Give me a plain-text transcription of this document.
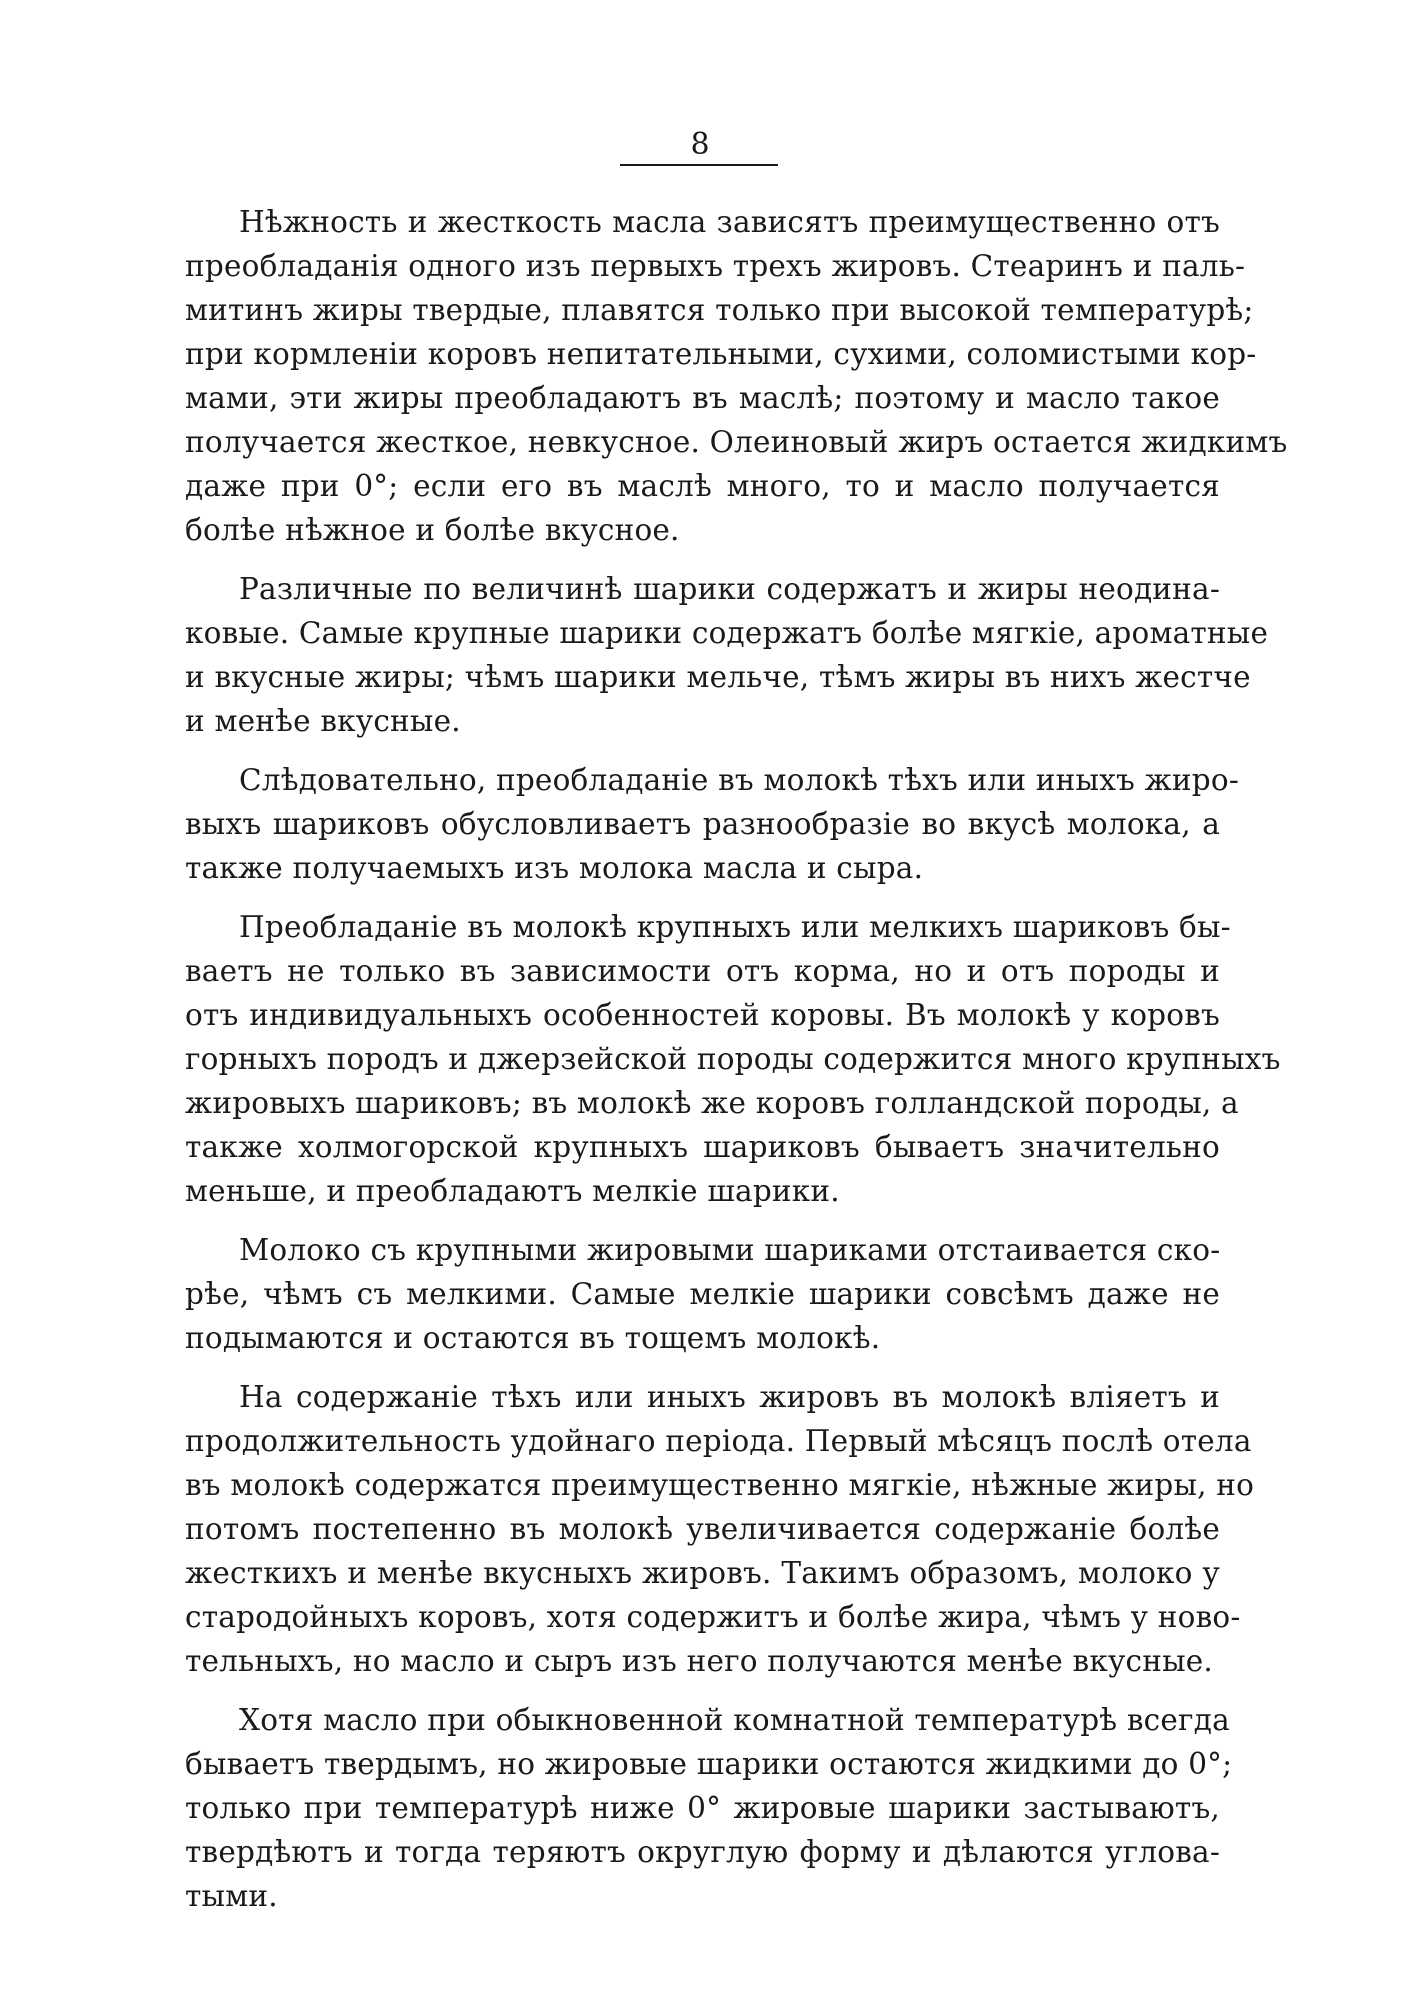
8
Нѣжность и жесткость масла зависятъ преимущественно отъ
преобладанія одного изъ первыхъ трехъ жировъ. Стеаринъ и паль-
митинъ жиры твердые, плавятся только при высокой температурѣ;
при кормленіи коровъ непитательными, сухими, соломистыми кор-
мами, эти жиры преобладаютъ въ маслѣ; поэтому и масло такое
получается жесткое, невкусное. Олеиновый жиръ остается жидкимъ
даже при 0°; если его въ маслѣ много, то и масло получается
болѣе нѣжное и болѣе вкусное.
Различные по величинѣ шарики содержатъ и жиры неодина-
ковые. Самые крупные шарики содержатъ болѣе мягкіе, ароматные
и вкусные жиры; чѣмъ шарики мельче, тѣмъ жиры въ нихъ жестче
и менѣе вкусные.
Слѣдовательно, преобладаніе въ молокѣ тѣхъ или иныхъ жиро-
выхъ шариковъ обусловливаетъ разнообразіе во вкусѣ молока, а
также получаемыхъ изъ молока масла и сыра.
Преобладаніе въ молокѣ крупныхъ или мелкихъ шариковъ бы-
ваетъ не только въ зависимости отъ корма, но и отъ породы и
отъ индивидуальныхъ особенностей коровы. Въ молокѣ у коровъ
горныхъ породъ и джерзейской породы содержится много крупныхъ
жировыхъ шариковъ; въ молокѣ же коровъ голландской породы, а
также холмогорской крупныхъ шариковъ бываетъ значительно
меньше, и преобладаютъ мелкіе шарики.
Молоко съ крупными жировыми шариками отстаивается ско-
рѣе, чѣмъ съ мелкими. Самые мелкіе шарики совсѣмъ даже не
подымаются и остаются въ тощемъ молокѣ.
На содержаніе тѣхъ или иныхъ жировъ въ молокѣ вліяетъ и
продолжительность удойнаго періода. Первый мѣсяцъ послѣ отела
въ молокѣ содержатся преимущественно мягкіе, нѣжные жиры, но
потомъ постепенно въ молокѣ увеличивается содержаніе болѣе
жесткихъ и менѣе вкусныхъ жировъ. Такимъ образомъ, молоко у
стародойныхъ коровъ, хотя содержитъ и болѣе жира, чѣмъ у ново-
тельныхъ, но масло и сыръ изъ него получаются менѣе вкусные.
Хотя масло при обыкновенной комнатной температурѣ всегда
бываетъ твердымъ, но жировые шарики остаются жидкими до 0°;
только при температурѣ ниже 0° жировые шарики застываютъ,
твердѣютъ и тогда теряютъ округлую форму и дѣлаются углова-
тыми.
